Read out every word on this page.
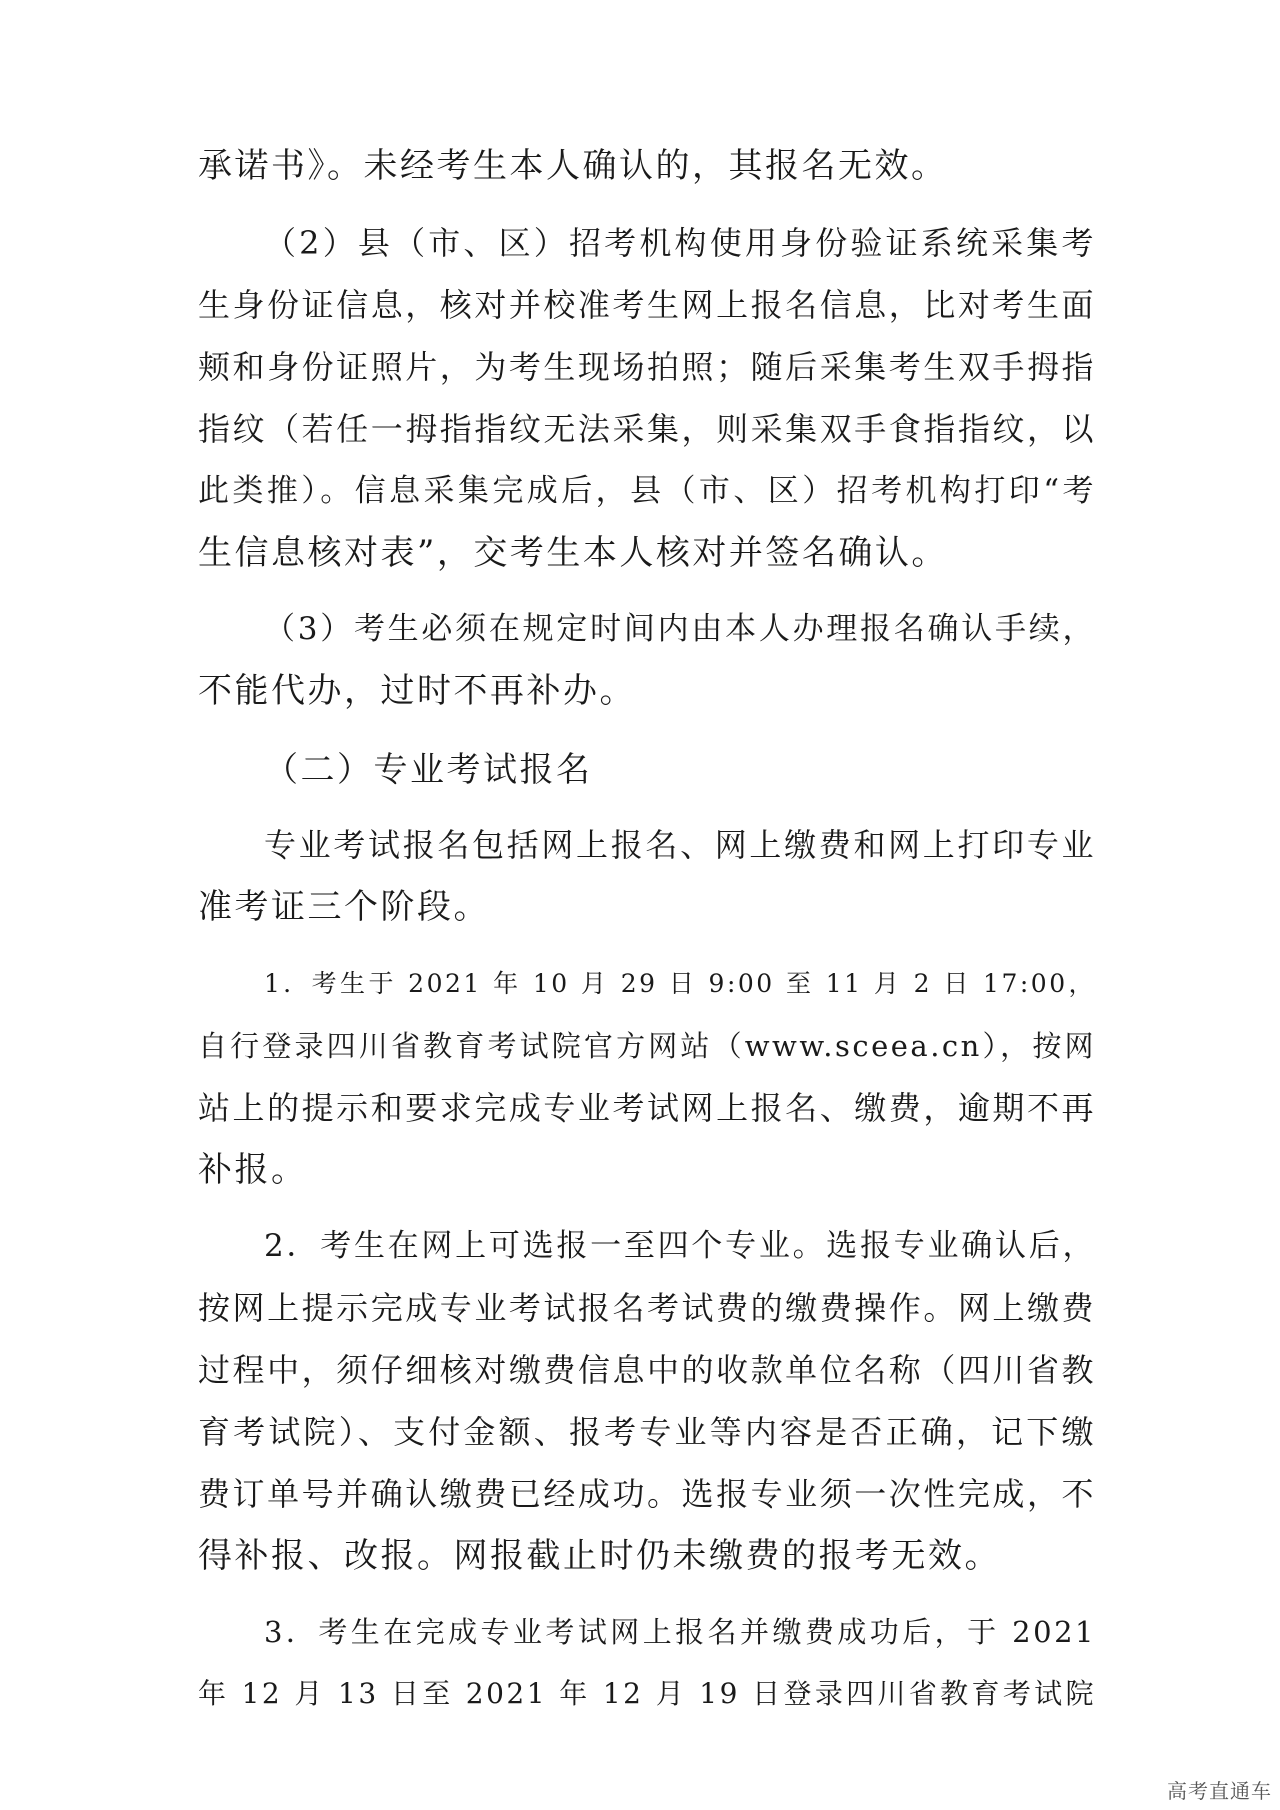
承诺书》。未经考生本人确认的，其报名无效。
（2）县（市、区）招考机构使用身份验证系统采集考
生身份证信息，核对并校准考生网上报名信息，比对考生面
颊和身份证照片，为考生现场拍照；随后采集考生双手拇指
指纹（若任一拇指指纹无法采集，则采集双手食指指纹，以
此类推）。信息采集完成后，县（市、区）招考机构打印“考
生信息核对表”，交考生本人核对并签名确认。
（3）考生必须在规定时间内由本人办理报名确认手续，
不能代办，过时不再补办。
（二）专业考试报名
专业考试报名包括网上报名、网上缴费和网上打印专业
准考证三个阶段。
1．考生于 2021 年 10 月 29 日 9:00 至 11 月 2 日 17:00，
自行登录四川省教育考试院官方网站（www.sceea.cn），按网
站上的提示和要求完成专业考试网上报名、缴费，逾期不再
补报。
2．考生在网上可选报一至四个专业。选报专业确认后，
按网上提示完成专业考试报名考试费的缴费操作。网上缴费
过程中，须仔细核对缴费信息中的收款单位名称（四川省教
育考试院）、支付金额、报考专业等内容是否正确，记下缴
费订单号并确认缴费已经成功。选报专业须一次性完成，不
得补报、改报。网报截止时仍未缴费的报考无效。
3．考生在完成专业考试网上报名并缴费成功后，于 2021
年 12 月 13 日至 2021 年 12 月 19 日登录四川省教育考试院
高考直通车
